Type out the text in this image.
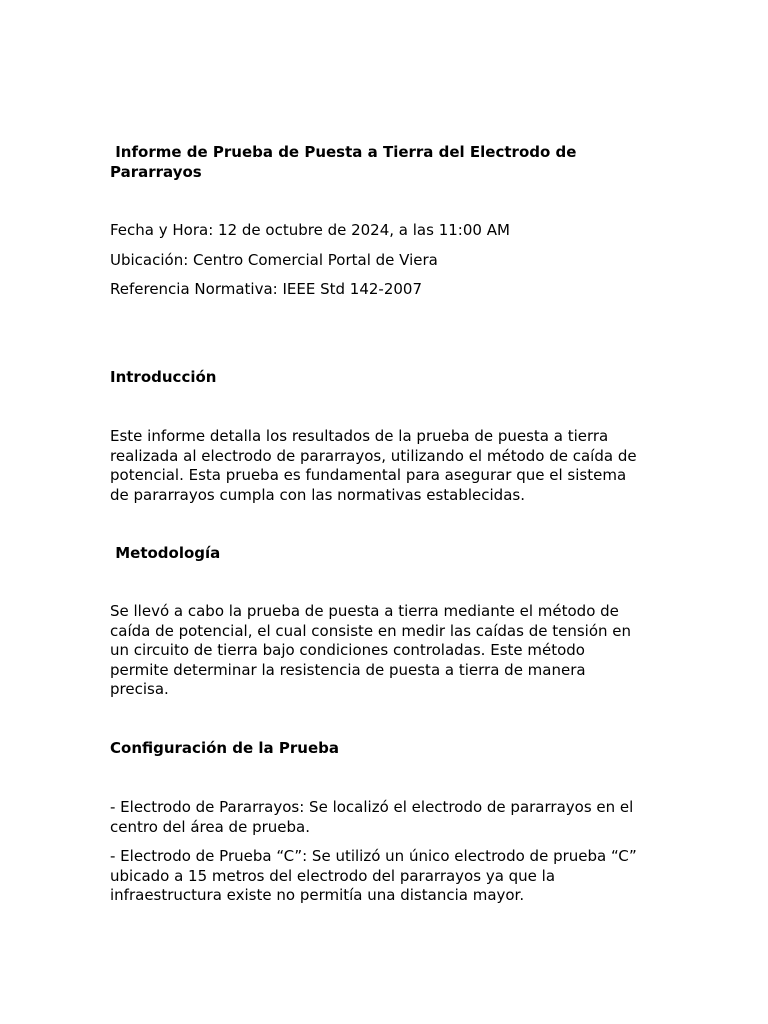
Informe de Prueba de Puesta a Tierra del Electrodo de
Pararrayos
Fecha y Hora: 12 de octubre de 2024, a las 11:00 AM
Ubicación: Centro Comercial Portal de Viera
Referencia Normativa: IEEE Std 142-2007
Introducción
Este informe detalla los resultados de la prueba de puesta a tierra
realizada al electrodo de pararrayos, utilizando el método de caída de
potencial. Esta prueba es fundamental para asegurar que el sistema
de pararrayos cumpla con las normativas establecidas.
Metodología
Se llevó a cabo la prueba de puesta a tierra mediante el método de
caída de potencial, el cual consiste en medir las caídas de tensión en
un circuito de tierra bajo condiciones controladas. Este método
permite determinar la resistencia de puesta a tierra de manera
precisa.
Configuración de la Prueba
- Electrodo de Pararrayos: Se localizó el electrodo de pararrayos en el
centro del área de prueba.
- Electrodo de Prueba “C”: Se utilizó un único electrodo de prueba “C”
ubicado a 15 metros del electrodo del pararrayos ya que la
infraestructura existe no permitía una distancia mayor.
